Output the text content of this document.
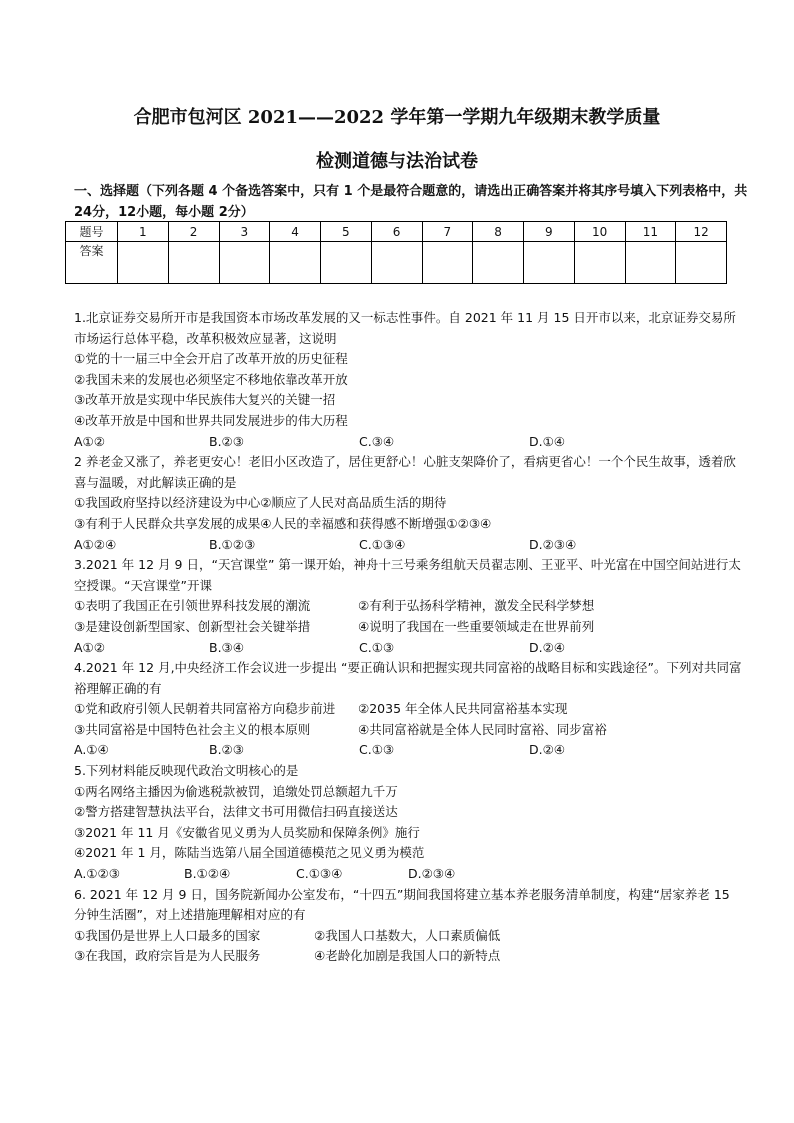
合肥市包河区 2021——2022 学年第一学期九年级期末教学质量
检测道德与法治试卷
一、选择题（下列各题 4 个备选答案中，只有 1 个是最符合题意的，请选出正确答案并将其序号填入下列表格中，共 24分，12小题，每小题 2分）
题号	1	2	3	4	5	6	7	8	9	10	11	12
答案												
1.北京证券交易所开市是我国资本市场改革发展的又一标志性事件。自 2021 年 11 月 15 日开市以来，北京证券交易所市场运行总体平稳，改革积极效应显著，这说明
①党的十一届三中全会开启了改革开放的历史征程
②我国未来的发展也必须坚定不移地依靠改革开放
③改革开放是实现中华民族伟大复兴的关键一招
④改革开放是中国和世界共同发展进步的伟大历程
A①②	B.②③	C.③④	D.①④
2 养老金又涨了，养老更安心！老旧小区改造了，居住更舒心！心脏支架降价了，看病更省心！一个个民生故事，透着欣喜与温暖，对此解读正确的是
①我国政府坚持以经济建设为中心②顺应了人民对高品质生活的期待
③有利于人民群众共享发展的成果④人民的幸福感和获得感不断增强①②③④
A①②④	B.①②③	C.①③④	D.②③④
3.2021 年 12 月 9 日，“天宫课堂” 第一课开始，神舟十三号乘务组航天员翟志刚、王亚平、叶光富在中国空间站进行太空授课。“天宫课堂”开课
①表明了我国正在引领世界科技发展的潮流	②有利于弘扬科学精神，激发全民科学梦想
③是建设创新型国家、创新型社会关键举措	④说明了我国在一些重要领域走在世界前列
A①②	B.③④	C.①③	D.②④
4.2021 年 12 月,中央经济工作会议进一步提出 “要正确认识和把握实现共同富裕的战略目标和实践途径”。下列对共同富裕理解正确的有
①党和政府引领人民朝着共同富裕方向稳步前进 ②2035 年全体人民共同富裕基本实现
③共同富裕是中国特色社会主义的根本原则	④共同富裕就是全体人民同时富裕、同步富裕
A.①④	B.②③	C.①③	D.②④
5.下列材料能反映现代政治文明核心的是
①两名网络主播因为偷逃税款被罚，追缴处罚总额超九千万
②警方搭建智慧执法平台，法律文书可用微信扫码直接送达
③2021 年 11 月《安徽省见义勇为人员奖励和保障条例》施行
④2021 年 1 月，陈陆当选第八届全国道德模范之见义勇为模范
A.①②③	B.①②④	C.①③④	D.②③④
6. 2021 年 12 月 9 日，国务院新闻办公室发布，“十四五”期间我国将建立基本养老服务清单制度，构建“居家养老 15 分钟生活圈”，对上述措施理解相对应的有
①我国仍是世界上人口最多的国家	②我国人口基数大，人口素质偏低
③在我国，政府宗旨是为人民服务	④老龄化加剧是我国人口的新特点
